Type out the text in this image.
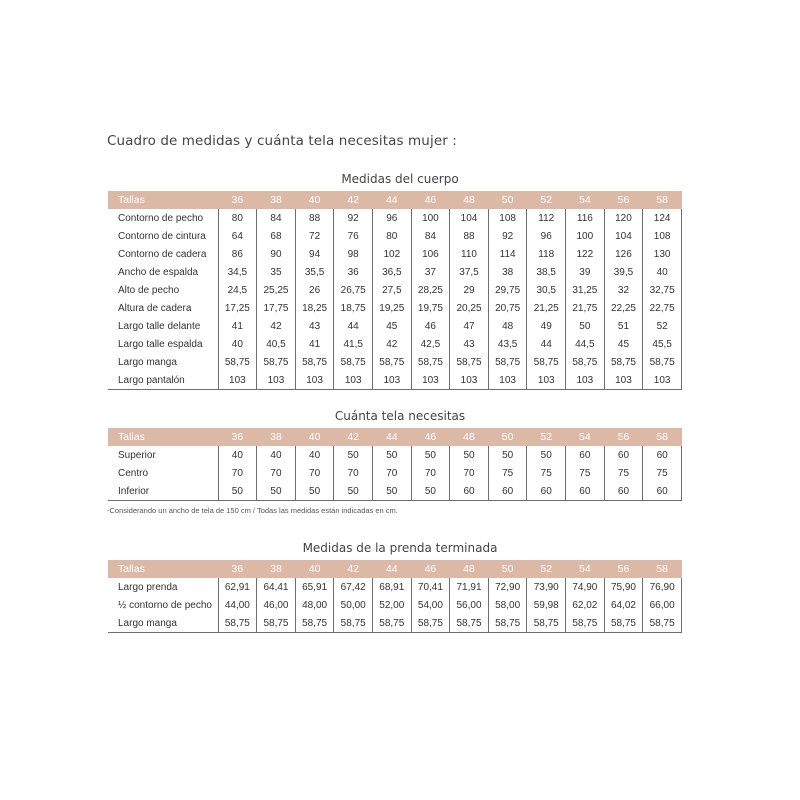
Cuadro de medidas y cuánta tela necesitas mujer :
Medidas del cuerpo
Tallas	36	38	40	42	44	46	48	50	52	54	56	58
Contorno de pecho	80	84	88	92	96	100	104	108	112	116	120	124
Contorno de cintura	64	68	72	76	80	84	88	92	96	100	104	108
Contorno de cadera	86	90	94	98	102	106	110	114	118	122	126	130
Ancho de espalda	34,5	35	35,5	36	36,5	37	37,5	38	38,5	39	39,5	40
Alto de pecho	24,5	25,25	26	26,75	27,5	28,25	29	29,75	30,5	31,25	32	32,75
Altura de cadera	17,25	17,75	18,25	18,75	19,25	19,75	20,25	20,75	21,25	21,75	22,25	22,75
Largo talle delante	41	42	43	44	45	46	47	48	49	50	51	52
Largo talle espalda	40	40,5	41	41,5	42	42,5	43	43,5	44	44,5	45	45,5
Largo manga	58,75	58,75	58,75	58,75	58,75	58,75	58,75	58,75	58,75	58,75	58,75	58,75
Largo pantalón	103	103	103	103	103	103	103	103	103	103	103	103
Cuánta tela necesitas
Tallas	36	38	40	42	44	46	48	50	52	54	56	58
Superior	40	40	40	50	50	50	50	50	50	60	60	60
Centro	70	70	70	70	70	70	70	75	75	75	75	75
Inferior	50	50	50	50	50	50	60	60	60	60	60	60
-Considerando un ancho de tela de 150 cm / Todas las medidas están indicadas en cm.
Medidas de la prenda terminada
Tallas	36	38	40	42	44	46	48	50	52	54	56	58
Largo prenda	62,91	64,41	65,91	67,42	68,91	70,41	71,91	72,90	73,90	74,90	75,90	76,90
½ contorno de pecho	44,00	46,00	48,00	50,00	52,00	54,00	56,00	58,00	59,98	62,02	64,02	66,00
Largo manga	58,75	58,75	58,75	58,75	58,75	58,75	58,75	58,75	58,75	58,75	58,75	58,75
